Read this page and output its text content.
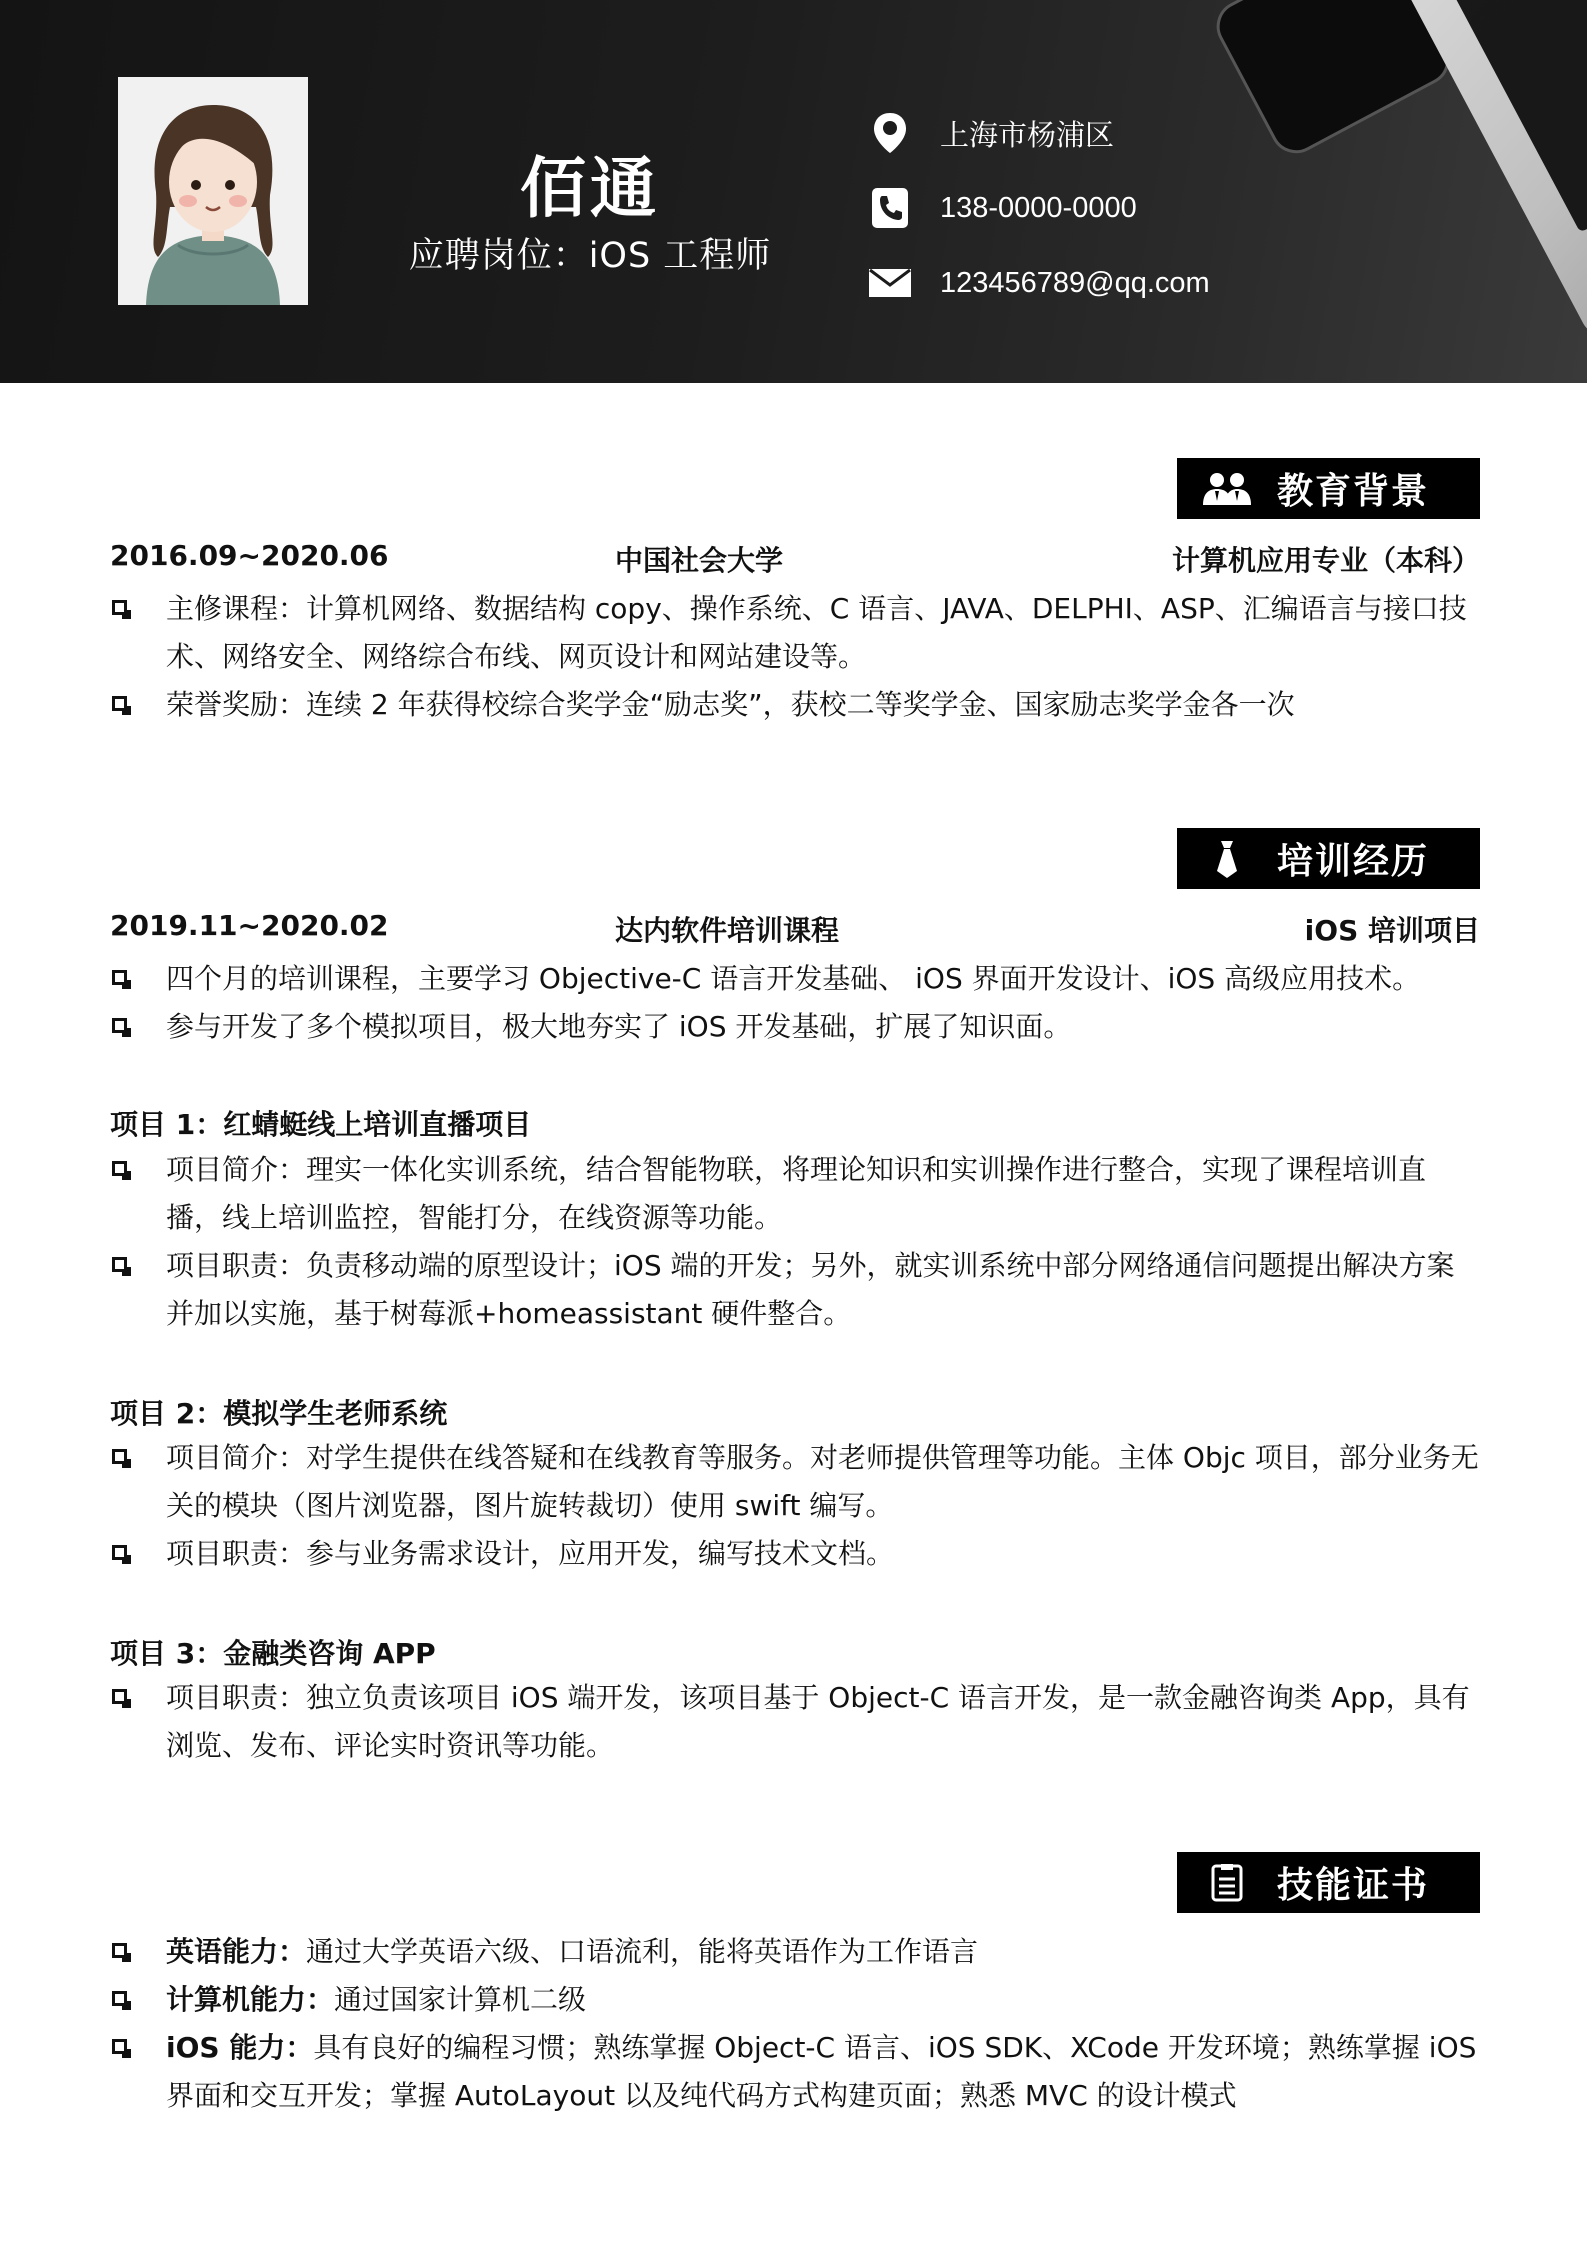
佰通
应聘岗位：iOS 工程师
上海市杨浦区
138-0000-0000
123456789@qq.com
教育背景
2016.09~2020.06	中国社会大学	计算机应用专业（本科）
主修课程：计算机网络、数据结构 copy、操作系统、C 语言、JAVA、DELPHI、ASP、汇编语言与接口技术、网络安全、网络综合布线、网页设计和网站建设等。
荣誉奖励：连续 2 年获得校综合奖学金“励志奖”，获校二等奖学金、国家励志奖学金各一次
培训经历
2019.11~2020.02	达内软件培训课程	iOS 培训项目
四个月的培训课程，主要学习 Objective-C 语言开发基础、 iOS 界面开发设计、iOS 高级应用技术。
参与开发了多个模拟项目，极大地夯实了 iOS 开发基础，扩展了知识面。
项目 1：红蜻蜓线上培训直播项目
项目简介：理实一体化实训系统，结合智能物联，将理论知识和实训操作进行整合，实现了课程培训直播，线上培训监控，智能打分，在线资源等功能。
项目职责：负责移动端的原型设计；iOS 端的开发；另外，就实训系统中部分网络通信问题提出解决方案并加以实施，基于树莓派+homeassistant 硬件整合。
项目 2：模拟学生老师系统
项目简介：对学生提供在线答疑和在线教育等服务。对老师提供管理等功能。主体 Objc 项目，部分业务无关的模块（图片浏览器，图片旋转裁切）使用 swift 编写。
项目职责：参与业务需求设计，应用开发，编写技术文档。
项目 3：金融类咨询 APP
项目职责：独立负责该项目 iOS 端开发，该项目基于 Object-C 语言开发，是一款金融咨询类 App，具有浏览、发布、评论实时资讯等功能。
技能证书
英语能力：通过大学英语六级、口语流利，能将英语作为工作语言
计算机能力：通过国家计算机二级
iOS 能力：具有良好的编程习惯；熟练掌握 Object-C 语言、iOS SDK、XCode 开发环境；熟练掌握 iOS 界面和交互开发；掌握 AutoLayout 以及纯代码方式构建页面；熟悉 MVC 的设计模式
